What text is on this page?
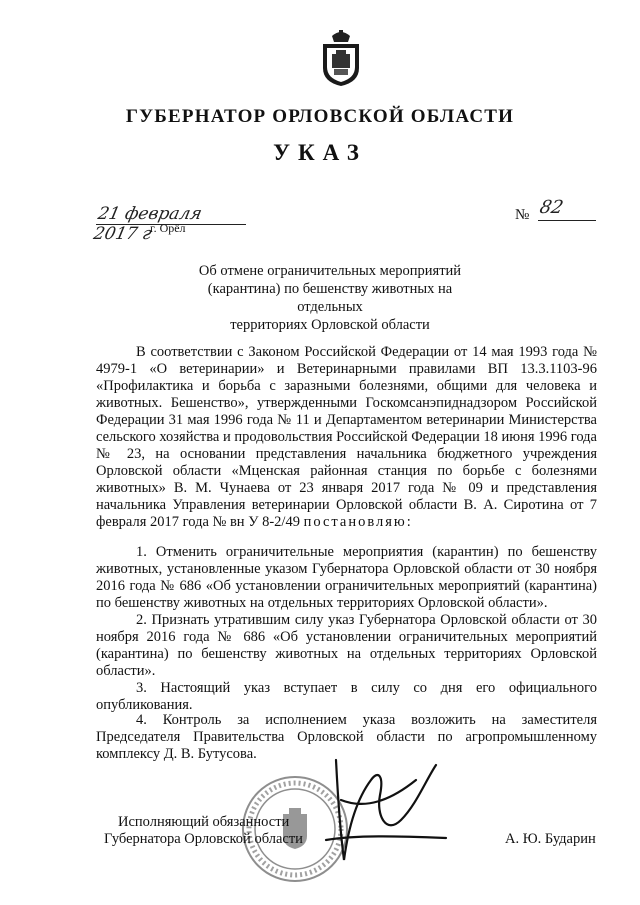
ГУБЕРНАТОР ОРЛОВСКОЙ ОБЛАСТИ
УКАЗ
21 февраля 2017 г
г. Орёл
№ 82
Об отмене ограничительных мероприятий
(карантина) по бешенству животных на отдельных
территориях Орловской области
В соответствии с Законом Российской Федерации от 14 мая 1993 года № 4979-1 «О ветеринарии» и Ветеринарными правилами ВП 13.3.1103-96 «Профилактика и борьба с заразными болезнями, общими для человека и животных. Бешенство», утвержденными Госкомсанэпиднадзором Российской Федерации 31 мая 1996 года № 11 и Департаментом ветеринарии Министерства сельского хозяйства и продовольствия Российской Федерации 18 июня 1996 года № 23, на основании представления начальника бюджетного учреждения Орловской области «Мценская районная станция по борьбе с болезнями животных» В. М. Чунаева от 23 января 2017 года № 09 и представления начальника Управления ветеринарии Орловской области В. А. Сиротина от 7 февраля 2017 года № вн У 8-2/49 постановляю:
1. Отменить ограничительные мероприятия (карантин) по бешенству животных, установленные указом Губернатора Орловской области от 30 ноября 2016 года № 686 «Об установлении ограничительных мероприятий (карантина) по бешенству животных на отдельных территориях Орловской области».
2. Признать утратившим силу указ Губернатора Орловской области от 30 ноября 2016 года № 686 «Об установлении ограничительных мероприятий (карантина) по бешенству животных на отдельных территориях Орловской области».
3. Настоящий указ вступает в силу со дня его официального опубликования.
4. Контроль за исполнением указа возложить на заместителя Председателя Правительства Орловской области по агропромышленному комплексу Д. В. Бутусова.
Исполняющий обязанности
Губернатора Орловской области	А. Ю. Бударин
